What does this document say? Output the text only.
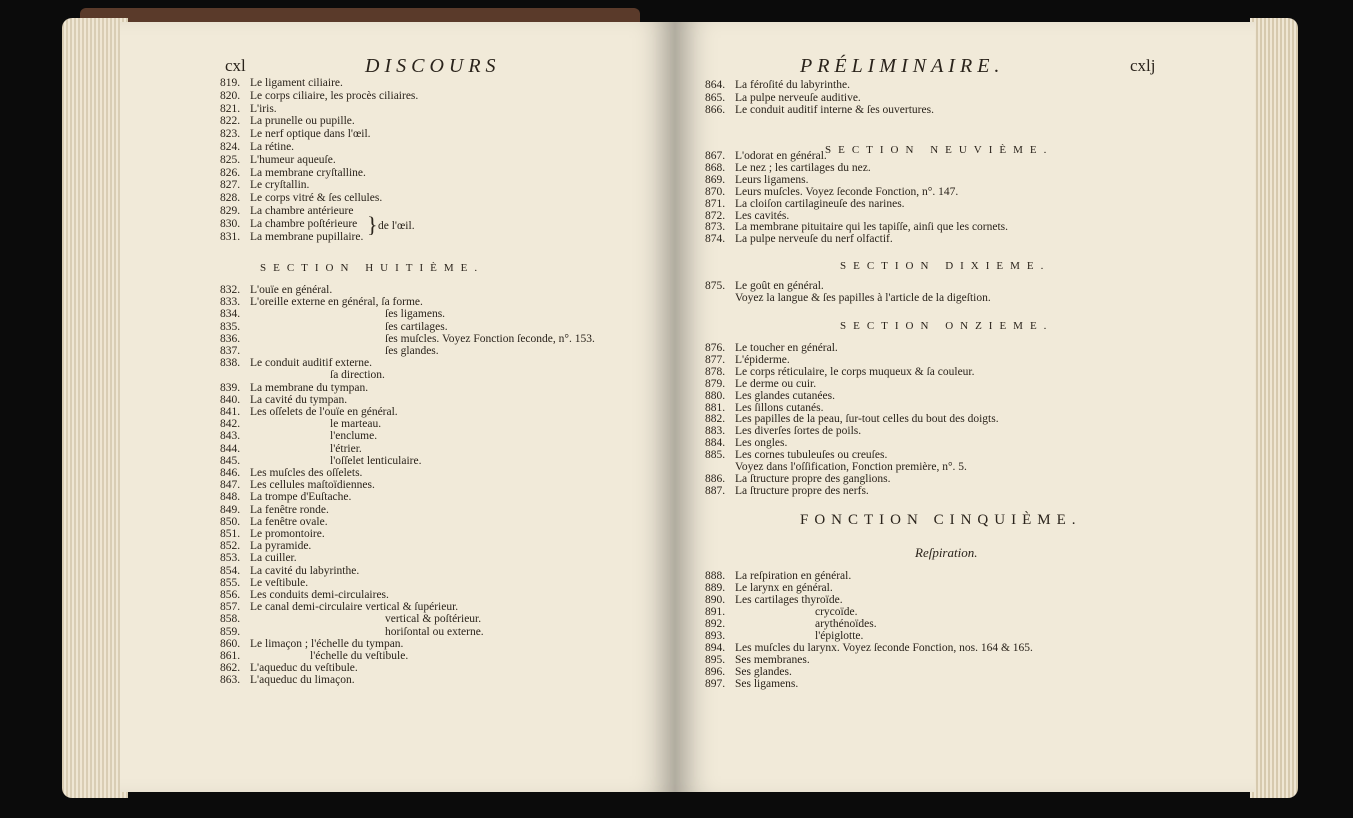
cxl	DISCOURS
819. Le ligament ciliaire.
820. Le corps ciliaire, les procès ciliaires.
821. L'iris.
822. La prunelle ou pupille.
823. Le nerf optique dans l'œil.
824. La rétine.
825. L'humeur aqueuſe.
826. La membrane cryſtalline.
827. Le cryſtallin.
828. Le corps vitré & ſes cellules.
829. La chambre antérieure
830. La chambre poſtérieure
831. La membrane pupillaire. } de l'œil.
SECTION HUITIÈME.
832. L'ouïe en général.
833. L'oreille externe en général, ſa forme.
834.	ſes ligamens.
835.	ſes cartilages.
836.	ſes muſcles. Voyez Fonction ſeconde, n°. 153.
837.	ſes glandes.
838. Le conduit auditif externe.
ſa direction.
839. La membrane du tympan.
840. La cavité du tympan.
841. Les oſſelets de l'ouïe en général.
842.	le marteau.
843.	l'enclume.
844.	l'étrier.
845.	l'oſſelet lenticulaire.
846. Les muſcles des oſſelets.
847. Les cellules maſtoïdiennes.
848. La trompe d'Euſtache.
849. La fenêtre ronde.
850. La fenêtre ovale.
851. Le promontoire.
852. La pyramide.
853. La cuiller.
854. La cavité du labyrinthe.
855. Le veſtibule.
856. Les conduits demi-circulaires.
857. Le canal demi-circulaire vertical & ſupérieur.
858.	vertical & poſtérieur.
859.	horiſontal ou externe.
860. Le limaçon ; l'échelle du tympan.
861.	l'échelle du veſtibule.
862. L'aqueduc du veſtibule.
863. L'aqueduc du limaçon.
PRÉLIMINAIRE.	cxlj
864. La féroſité du labyrinthe.
865. La pulpe nerveuſe auditive.
866. Le conduit auditif interne & ſes ouvertures.
SECTION NEUVIÈME.
867. L'odorat en général.
868. Le nez ; les cartilages du nez.
869. Leurs ligamens.
870. Leurs muſcles. Voyez ſeconde Fonction, n°. 147.
871. La cloiſon cartilagineuſe des narines.
872. Les cavités.
873. La membrane pituitaire qui les tapiſſe, ainſi que les cornets.
874. La pulpe nerveuſe du nerf olfactif.
SECTION DIXIEME.
875. Le goût en général.
Voyez la langue & ſes papilles à l'article de la digeſtion.
SECTION ONZIEME.
876. Le toucher en général.
877. L'épiderme.
878. Le corps réticulaire, le corps muqueux & ſa couleur.
879. Le derme ou cuir.
880. Les glandes cutanées.
881. Les ſillons cutanés.
882. Les papilles de la peau, ſur-tout celles du bout des doigts.
883. Les diverſes ſortes de poils.
884. Les ongles.
885. Les cornes tubuleuſes ou creuſes.
Voyez dans l'oſſification, Fonction première, n°. 5.
886. La ſtructure propre des ganglions.
887. La ſtructure propre des nerfs.
FONCTION CINQUIÈME.
Reſpiration.
888. La reſpiration en général.
889. Le larynx en général.
890. Les cartilages thyroïde.
891.	crycoïde.
892.	arythénoïdes.
893.	l'épiglotte.
894. Les muſcles du larynx. Voyez ſeconde Fonction, nos. 164 & 165.
895. Ses membranes.
896. Ses glandes.
897. Ses ligamens.
